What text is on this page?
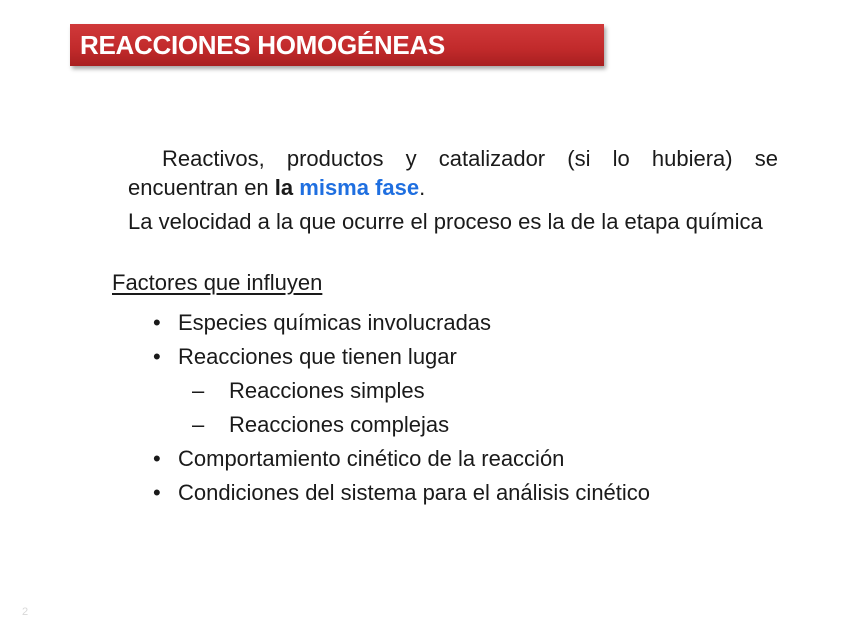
REACCIONES HOMOGÉNEAS

Reactivos, productos y catalizador (si lo hubiera) se encuentran en la misma fase.

La velocidad a la que ocurre el proceso es la de la etapa química

Factores que influyen
• Especies químicas involucradas
• Reacciones que tienen lugar
– Reacciones simples
– Reacciones complejas
• Comportamiento cinético de la reacción
• Condiciones del sistema para el análisis cinético
2
